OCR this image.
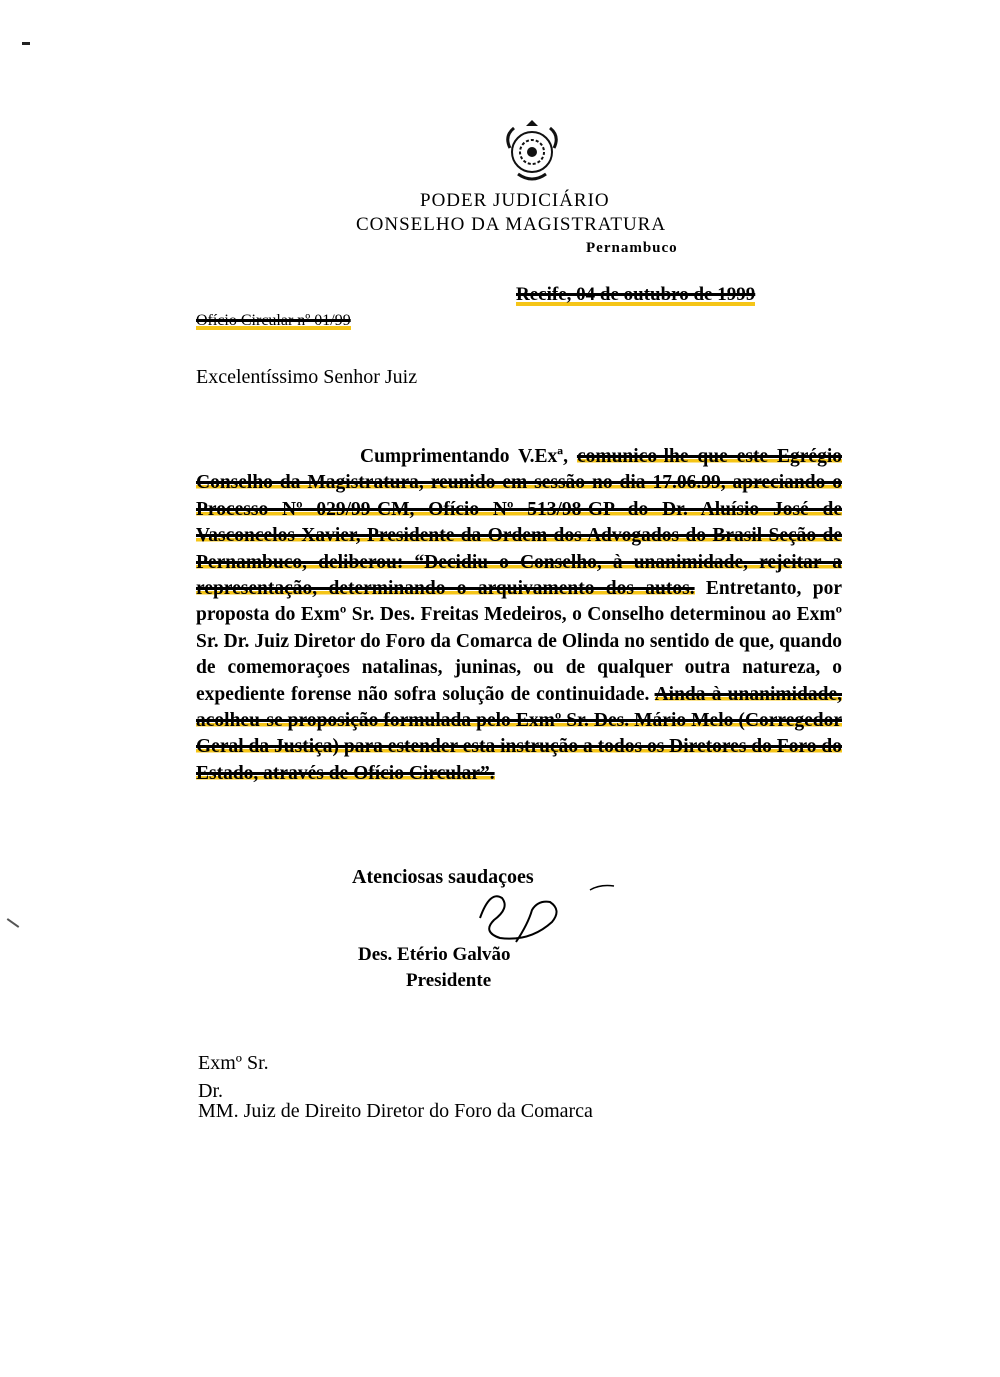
PODER JUDICIÁRIO
CONSELHO DA MAGISTRATURA
Pernambuco
Recife, 04 de outubro de 1999
Ofício Circular nº 01/99
Excelentíssimo Senhor Juiz
Cumprimentando V.Exª, comunico-lhe que este Egrégio Conselho da Magistratura, reunido em sessão no dia 17.06.99, apreciando o Processo Nº 029/99-CM, Ofício Nº 513/98-GP do Dr. Aluísio José de Vasconcelos Xavier, Presidente da Ordem dos Advogados do Brasil Seção de Pernambuco, deliberou: “Decidiu o Conselho, à unanimidade, rejeitar a representação, determinando o arquivamento dos autos. Entretanto, por proposta do Exmº Sr. Des. Freitas Medeiros, o Conselho determinou ao Exmº Sr. Dr. Juiz Diretor do Foro da Comarca de Olinda no sentido de que, quando de comemoraçoes natalinas, juninas, ou de qualquer outra natureza, o expediente forense não sofra solução de continuidade. Ainda à unanimidade, acolheu-se proposição formulada pelo Exmº Sr. Des. Mário Melo (Corregedor Geral da Justiça) para estender esta instrução a todos os Diretores do Foro do Estado, através de Ofício Circular”.
Atenciosas saudaçoes
Des. Etério Galvão
Presidente
Exmº Sr.
Dr.
MM. Juiz de Direito Diretor do Foro da Comarca
